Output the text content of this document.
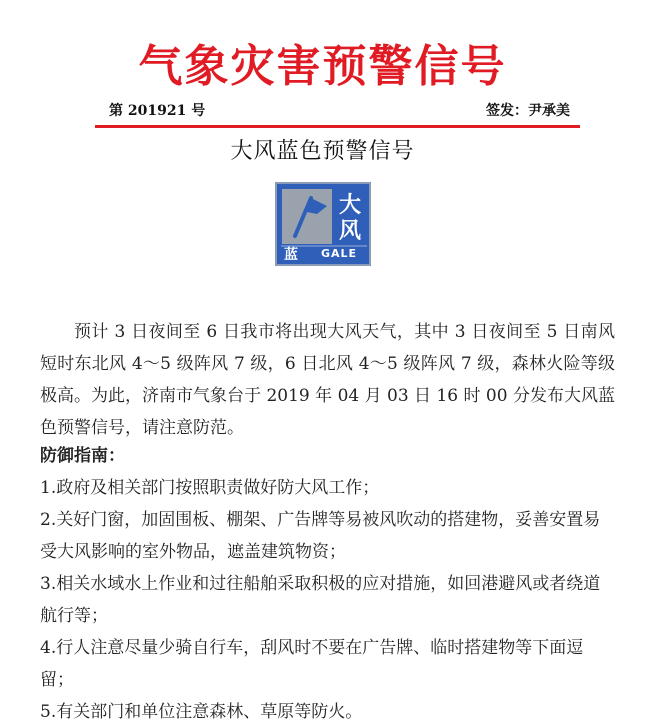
气象灾害预警信号
第 201921 号	签发：尹承美
大风蓝色预警信号
大
风
蓝 GALE
预计 3 日夜间至 6 日我市将出现大风天气，其中 3 日夜间至 5 日南风短时东北风 4～5 级阵风 7 级，6 日北风 4～5 级阵风 7 级，森林火险等级极高。为此，济南市气象台于 2019 年 04 月 03 日 16 时 00 分发布大风蓝色预警信号，请注意防范。
防御指南：

1.政府及相关部门按照职责做好防大风工作；

2.关好门窗，加固围板、棚架、广告牌等易被风吹动的搭建物，妥善安置易受大风影响的室外物品，遮盖建筑物资；

3.相关水域水上作业和过往船舶采取积极的应对措施，如回港避风或者绕道航行等；

4.行人注意尽量少骑自行车，刮风时不要在广告牌、临时搭建物等下面逗留；

5.有关部门和单位注意森林、草原等防火。
